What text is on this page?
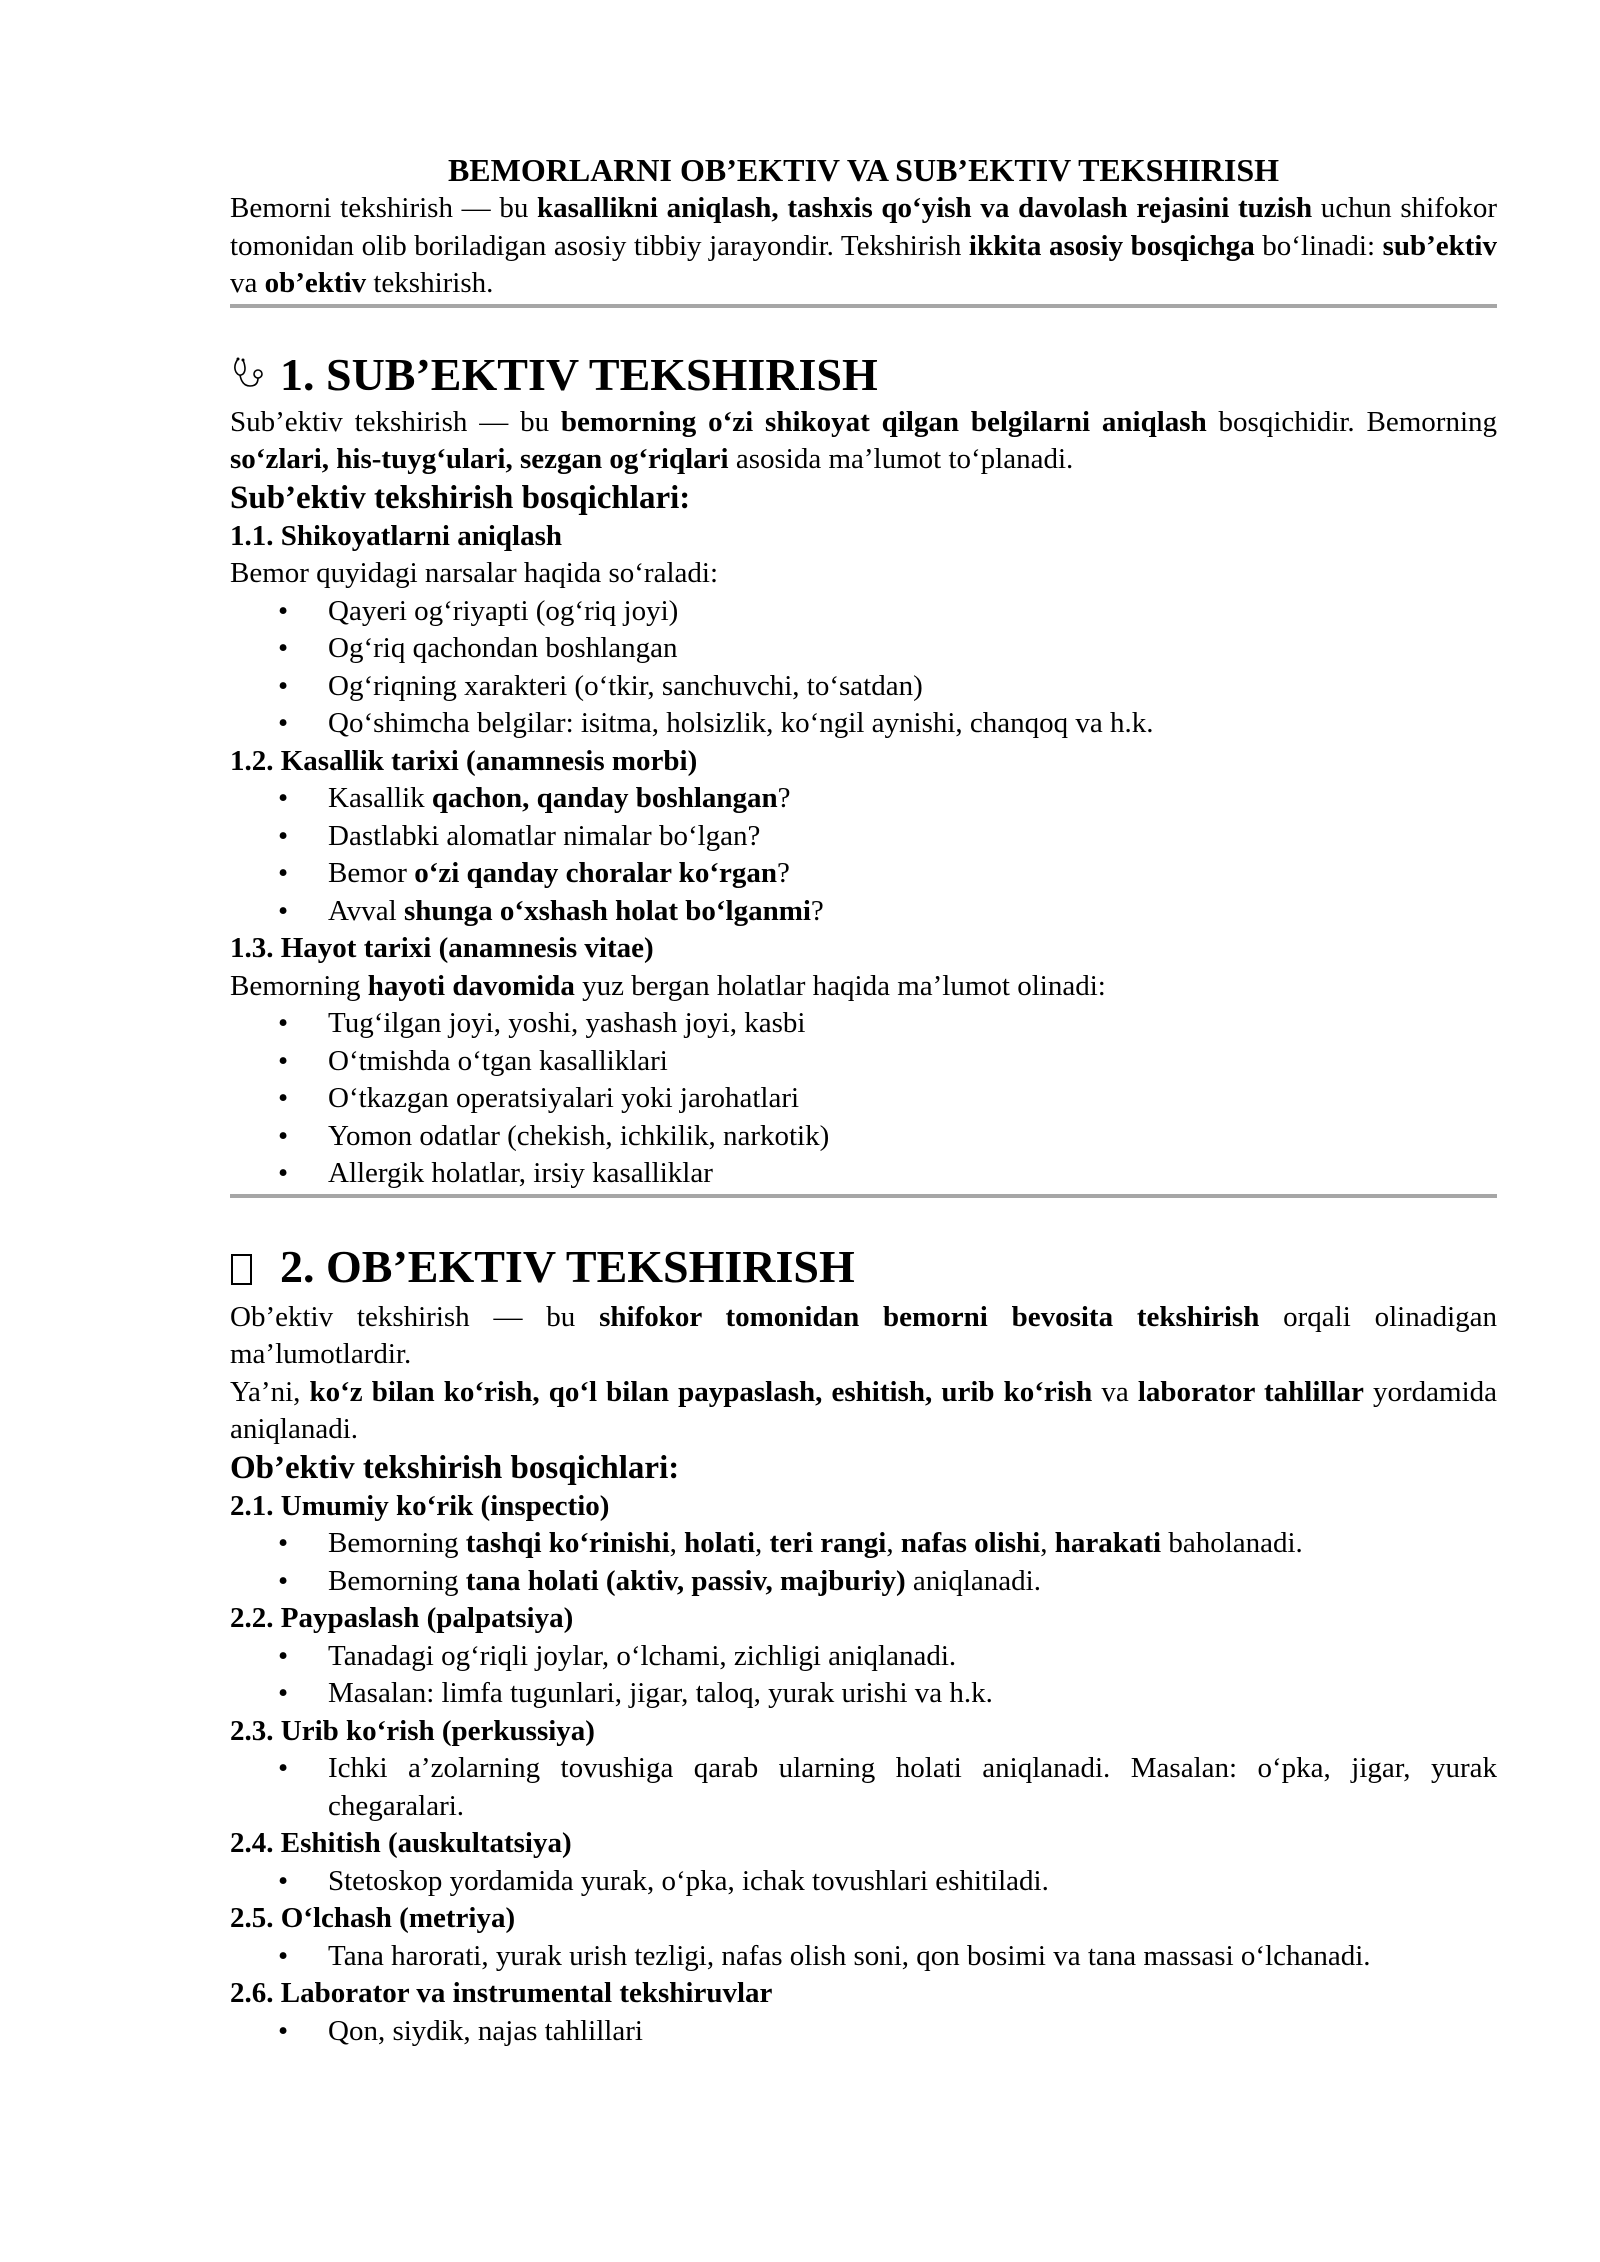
BEMORLARNI OB’EKTIV VA SUB’EKTIV TEKSHIRISH

Bemorni tekshirish — bu kasallikni aniqlash, tashxis qo‘yish va davolash rejasini tuzish uchun shifokor tomonidan olib boriladigan asosiy tibbiy jarayondir. Tekshirish ikkita asosiy bosqichga bo‘linadi: sub’ektiv va ob’ektiv tekshirish.

1. SUB’EKTIV TEKSHIRISH

Sub’ektiv tekshirish — bu bemorning o‘zi shikoyat qilgan belgilarni aniqlash bosqichidir. Bemorning so‘zlari, his-tuyg‘ulari, sezgan og‘riqlari asosida ma’lumot to‘planadi.

Sub’ektiv tekshirish bosqichlari:
1.1. Shikoyatlarni aniqlash

Bemor quyidagi narsalar haqida so‘raladi:

• Qayeri og‘riyapti (og‘riq joyi)
• Og‘riq qachondan boshlangan
• Og‘riqning xarakteri (o‘tkir, sanchuvchi, to‘satdan)
• Qo‘shimcha belgilar: isitma, holsizlik, ko‘ngil aynishi, chanqoq va h.k.
1.2. Kasallik tarixi (anamnesis morbi)
• Kasallik qachon, qanday boshlangan?
• Dastlabki alomatlar nimalar bo‘lgan?
• Bemor o‘zi qanday choralar ko‘rgan?
• Avval shunga o‘xshash holat bo‘lganmi?
1.3. Hayot tarixi (anamnesis vitae)

Bemorning hayoti davomida yuz bergan holatlar haqida ma’lumot olinadi:

• Tug‘ilgan joyi, yoshi, yashash joyi, kasbi
• O‘tmishda o‘tgan kasalliklari
• O‘tkazgan operatsiyalari yoki jarohatlari
• Yomon odatlar (chekish, ichkilik, narkotik)
• Allergik holatlar, irsiy kasalliklar
2. OB’EKTIV TEKSHIRISH

Ob’ektiv tekshirish — bu shifokor tomonidan bemorni bevosita tekshirish orqali olinadigan ma’lumotlardir.

Ya’ni, ko‘z bilan ko‘rish, qo‘l bilan paypaslash, eshitish, urib ko‘rish va laborator tahlillar yordamida aniqlanadi.

Ob’ektiv tekshirish bosqichlari:
2.1. Umumiy ko‘rik (inspectio)
• Bemorning tashqi ko‘rinishi, holati, teri rangi, nafas olishi, harakati baholanadi.
• Bemorning tana holati (aktiv, passiv, majburiy) aniqlanadi.
2.2. Paypaslash (palpatsiya)
• Tanadagi og‘riqli joylar, o‘lchami, zichligi aniqlanadi.
• Masalan: limfa tugunlari, jigar, taloq, yurak urishi va h.k.
2.3. Urib ko‘rish (perkussiya)
• Ichki a’zolarning tovushiga qarab ularning holati aniqlanadi. Masalan: o‘pka, jigar, yurak chegaralari.
2.4. Eshitish (auskultatsiya)
• Stetoskop yordamida yurak, o‘pka, ichak tovushlari eshitiladi.
2.5. O‘lchash (metriya)
• Tana harorati, yurak urish tezligi, nafas olish soni, qon bosimi va tana massasi o‘lchanadi.
2.6. Laborator va instrumental tekshiruvlar
• Qon, siydik, najas tahlillari
